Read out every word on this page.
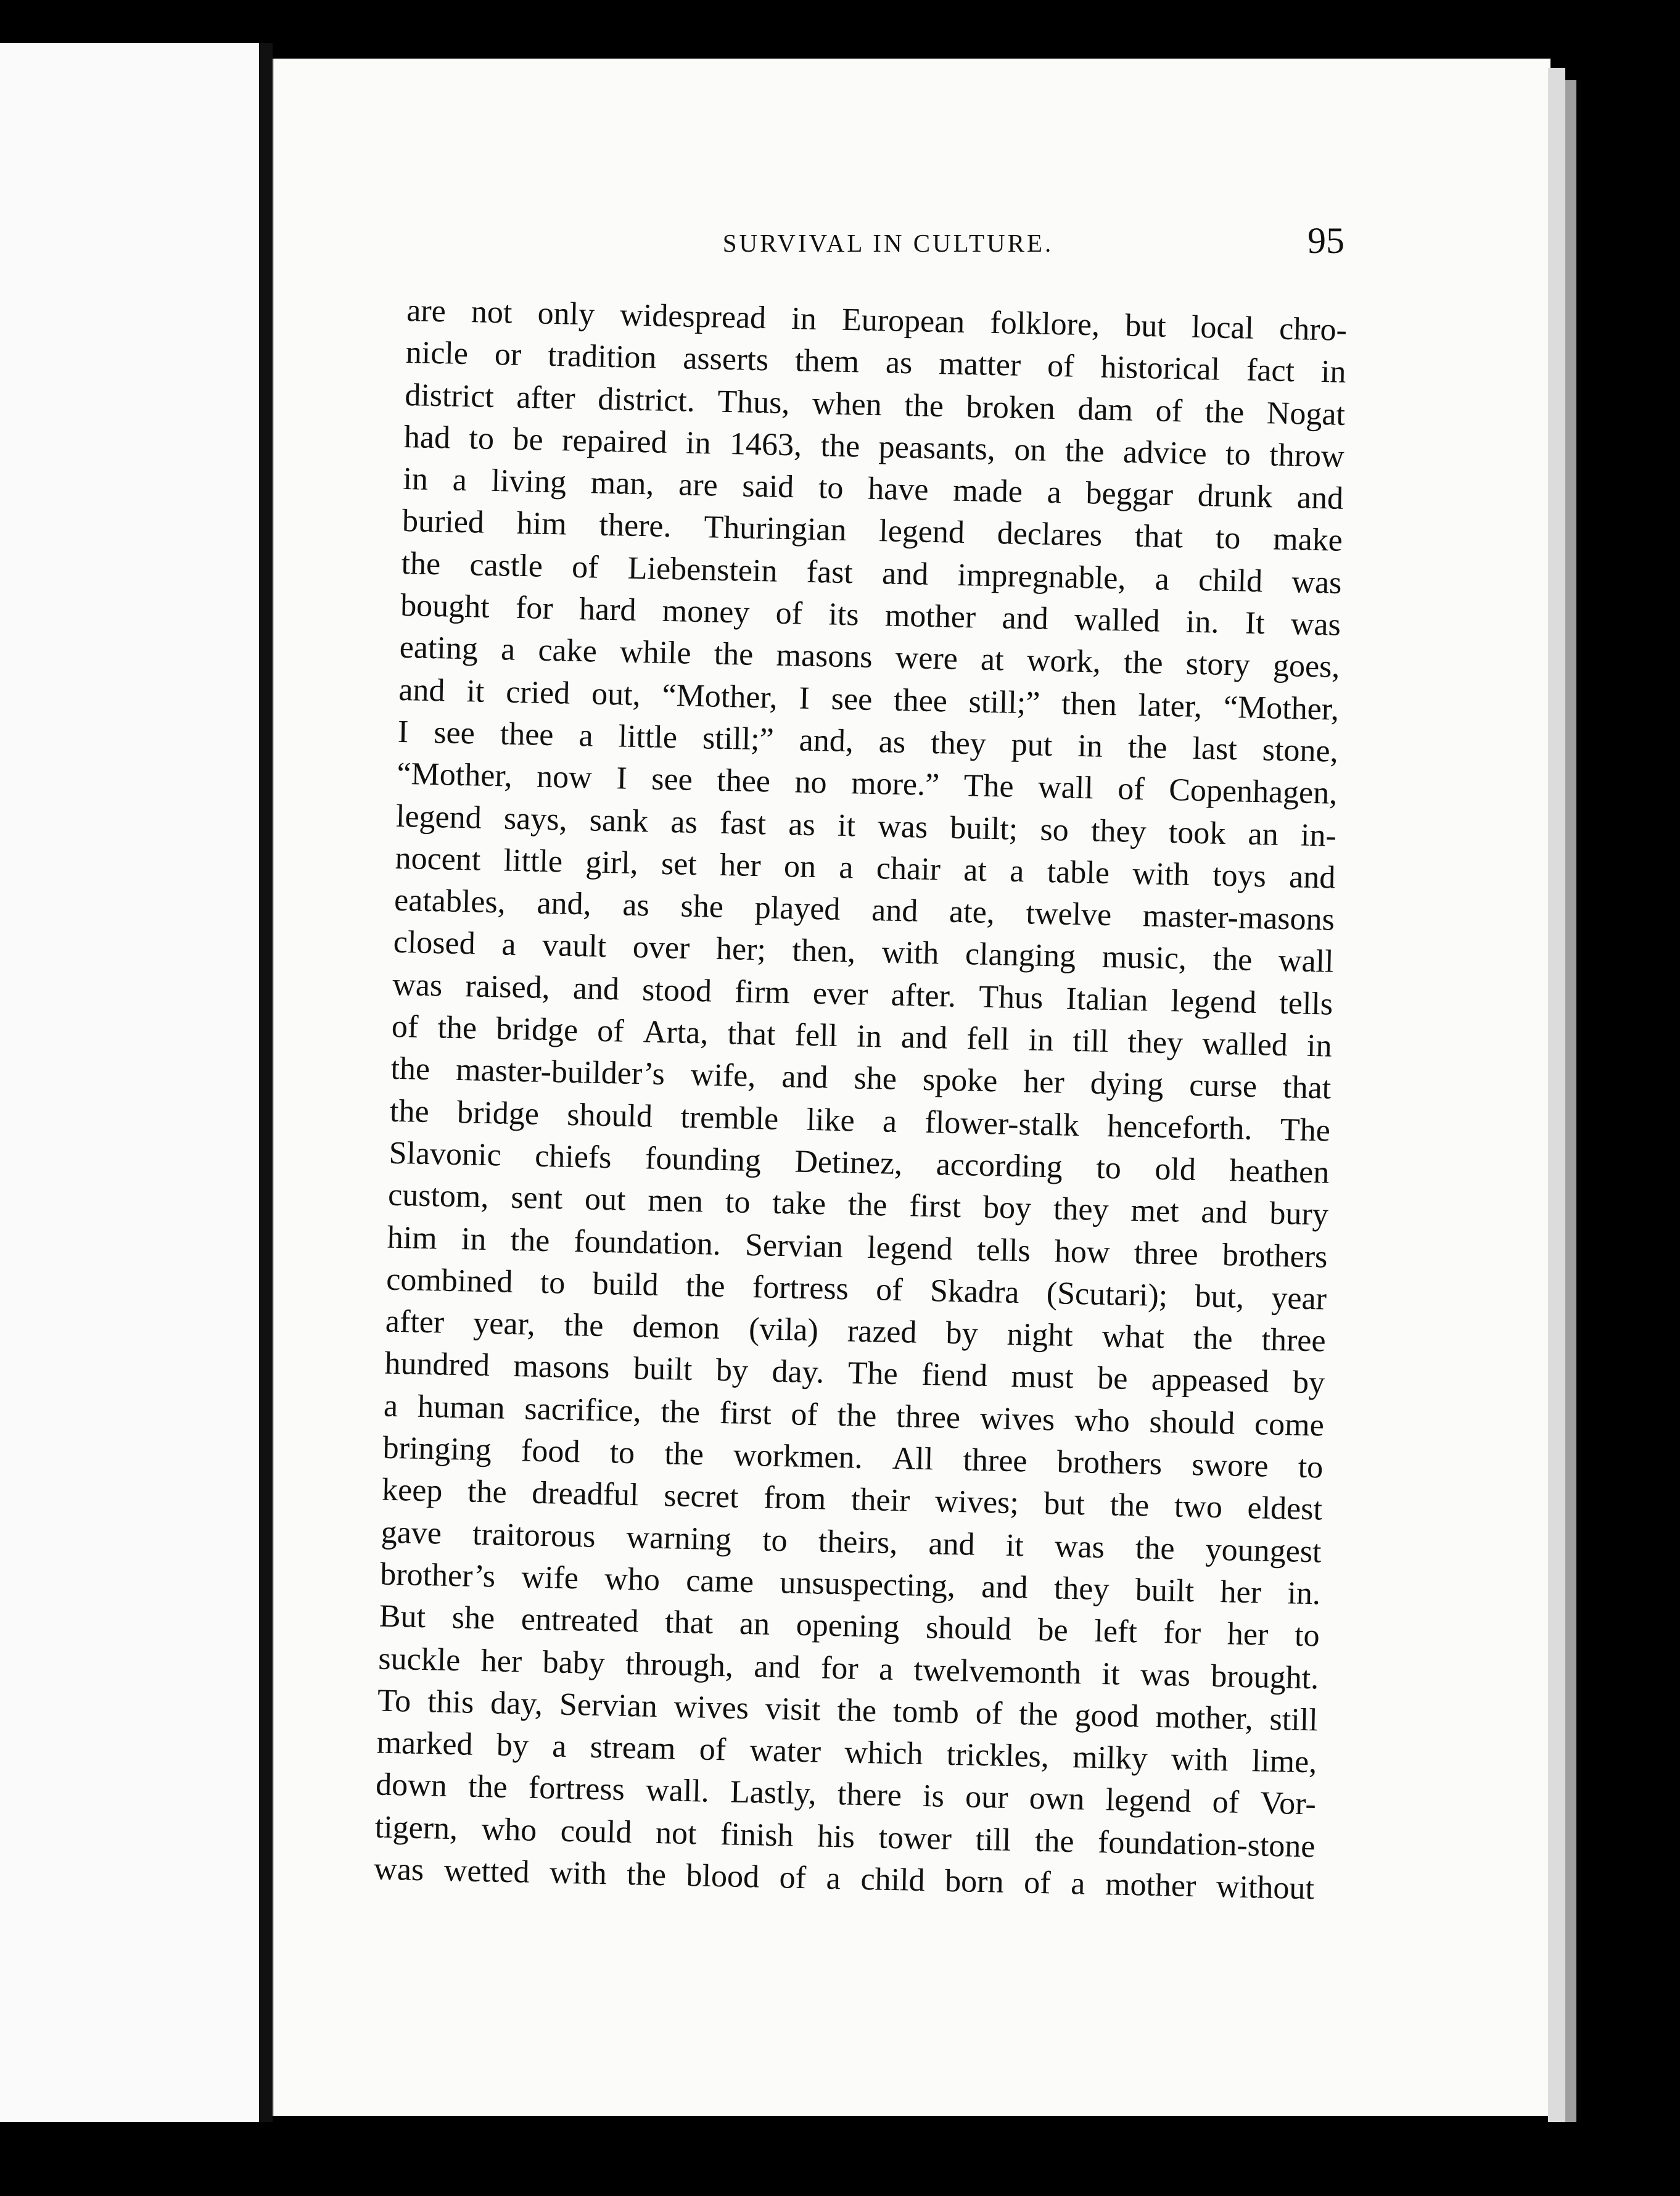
SURVIVAL IN CULTURE.	95
are not only widespread in European folklore, but local chro-
nicle or tradition asserts them as matter of historical fact in
district after district. Thus, when the broken dam of the Nogat
had to be repaired in 1463, the peasants, on the advice to throw
in a living man, are said to have made a beggar drunk and
buried him there. Thuringian legend declares that to make
the castle of Liebenstein fast and impregnable, a child was
bought for hard money of its mother and walled in. It was
eating a cake while the masons were at work, the story goes,
and it cried out, “Mother, I see thee still;” then later, “Mother,
I see thee a little still;” and, as they put in the last stone,
“Mother, now I see thee no more.” The wall of Copenhagen,
legend says, sank as fast as it was built; so they took an in-
nocent little girl, set her on a chair at a table with toys and
eatables, and, as she played and ate, twelve master-masons
closed a vault over her; then, with clanging music, the wall
was raised, and stood firm ever after. Thus Italian legend tells
of the bridge of Arta, that fell in and fell in till they walled in
the master-builder’s wife, and she spoke her dying curse that
the bridge should tremble like a flower-stalk henceforth. The
Slavonic chiefs founding Detinez, according to old heathen
custom, sent out men to take the first boy they met and bury
him in the foundation. Servian legend tells how three brothers
combined to build the fortress of Skadra (Scutari); but, year
after year, the demon (vila) razed by night what the three
hundred masons built by day. The fiend must be appeased by
a human sacrifice, the first of the three wives who should come
bringing food to the workmen. All three brothers swore to
keep the dreadful secret from their wives; but the two eldest
gave traitorous warning to theirs, and it was the youngest
brother’s wife who came unsuspecting, and they built her in.
But she entreated that an opening should be left for her to
suckle her baby through, and for a twelvemonth it was brought.
To this day, Servian wives visit the tomb of the good mother, still
marked by a stream of water which trickles, milky with lime,
down the fortress wall. Lastly, there is our own legend of Vor-
tigern, who could not finish his tower till the foundation-stone
was wetted with the blood of a child born of a mother without
